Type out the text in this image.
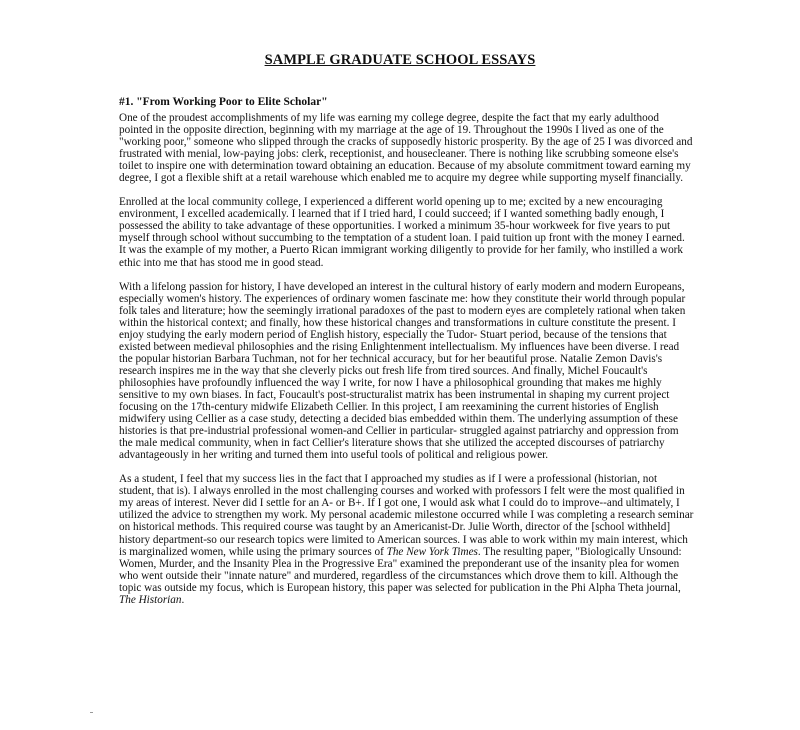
SAMPLE GRADUATE SCHOOL ESSAYS
#1. "From Working Poor to Elite Scholar"

One of the proudest accomplishments of my life was earning my college degree, despite the fact that my early adulthood
pointed in the opposite direction, beginning with my marriage at the age of 19. Throughout the 1990s I lived as one of the
"working poor," someone who slipped through the cracks of supposedly historic prosperity. By the age of 25 I was divorced and
frustrated with menial, low-paying jobs: clerk, receptionist, and housecleaner. There is nothing like scrubbing someone else's
toilet to inspire one with determination toward obtaining an education. Because of my absolute commitment toward earning my
degree, I got a flexible shift at a retail warehouse which enabled me to acquire my degree while supporting myself financially.

Enrolled at the local community college, I experienced a different world opening up to me; excited by a new encouraging
environment, I excelled academically. I learned that if I tried hard, I could succeed; if I wanted something badly enough, I
possessed the ability to take advantage of these opportunities. I worked a minimum 35-hour workweek for five years to put
myself through school without succumbing to the temptation of a student loan. I paid tuition up front with the money I earned.
It was the example of my mother, a Puerto Rican immigrant working diligently to provide for her family, who instilled a work
ethic into me that has stood me in good stead.

With a lifelong passion for history, I have developed an interest in the cultural history of early modern and modern Europeans,
especially women's history. The experiences of ordinary women fascinate me: how they constitute their world through popular
folk tales and literature; how the seemingly irrational paradoxes of the past to modern eyes are completely rational when taken
within the historical context; and finally, how these historical changes and transformations in culture constitute the present. I
enjoy studying the early modern period of English history, especially the Tudor- Stuart period, because of the tensions that
existed between medieval philosophies and the rising Enlightenment intellectualism. My influences have been diverse. I read
the popular historian Barbara Tuchman, not for her technical accuracy, but for her beautiful prose. Natalie Zemon Davis's
research inspires me in the way that she cleverly picks out fresh life from tired sources. And finally, Michel Foucault's
philosophies have profoundly influenced the way I write, for now I have a philosophical grounding that makes me highly
sensitive to my own biases. In fact, Foucault's post-structuralist matrix has been instrumental in shaping my current project
focusing on the 17th-century midwife Elizabeth Cellier. In this project, I am reexamining the current histories of English
midwifery using Cellier as a case study, detecting a decided bias embedded within them. The underlying assumption of these
histories is that pre-industrial professional women-and Cellier in particular- struggled against patriarchy and oppression from
the male medical community, when in fact Cellier's literature shows that she utilized the accepted discourses of patriarchy
advantageously in her writing and turned them into useful tools of political and religious power.

As a student, I feel that my success lies in the fact that I approached my studies as if I were a professional (historian, not
student, that is). I always enrolled in the most challenging courses and worked with professors I felt were the most qualified in
my areas of interest. Never did I settle for an A- or B+. If I got one, I would ask what I could do to improve--and ultimately, I
utilized the advice to strengthen my work. My personal academic milestone occurred while I was completing a research seminar
on historical methods. This required course was taught by an Americanist-Dr. Julie Worth, director of the [school withheld]
history department-so our research topics were limited to American sources. I was able to work within my main interest, which
is marginalized women, while using the primary sources of The New York Times. The resulting paper, "Biologically Unsound:
Women, Murder, and the Insanity Plea in the Progressive Era" examined the preponderant use of the insanity plea for women
who went outside their "innate nature" and murdered, regardless of the circumstances which drove them to kill. Although the
topic was outside my focus, which is European history, this paper was selected for publication in the Phi Alpha Theta journal,
The Historian.
